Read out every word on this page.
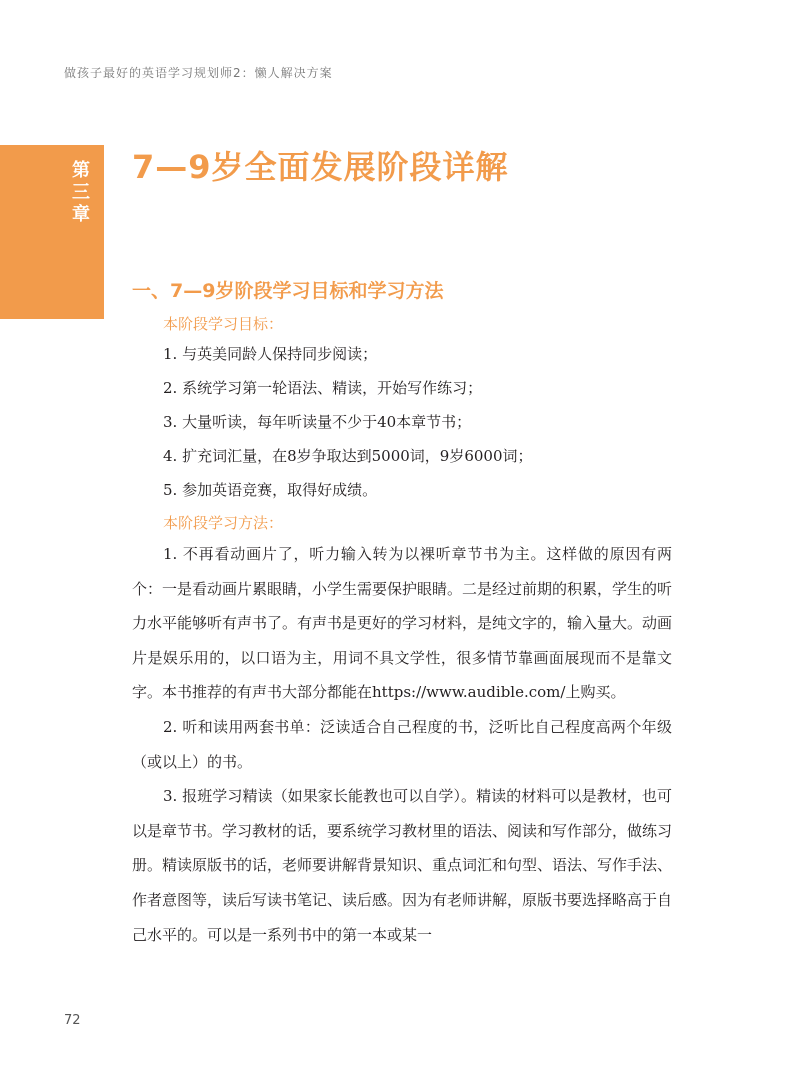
做孩子最好的英语学习规划师2：懒人解决方案
第三章 7—9岁全面发展阶段详解
一、7—9岁阶段学习目标和学习方法
本阶段学习目标：
1. 与英美同龄人保持同步阅读；
2. 系统学习第一轮语法、精读，开始写作练习；
3. 大量听读，每年听读量不少于40本章节书；
4. 扩充词汇量，在8岁争取达到5000词，9岁6000词；
5. 参加英语竞赛，取得好成绩。
本阶段学习方法：

1. 不再看动画片了，听力输入转为以裸听章节书为主。这样做的原因有两个：一是看动画片累眼睛，小学生需要保护眼睛。二是经过前期的积累，学生的听力水平能够听有声书了。有声书是更好的学习材料，是纯文字的，输入量大。动画片是娱乐用的，以口语为主，用词不具文学性，很多情节靠画面展现而不是靠文字。本书推荐的有声书大部分都能在https://www.audible.com/上购买。

2. 听和读用两套书单：泛读适合自己程度的书，泛听比自己程度高两个年级（或以上）的书。

3. 报班学习精读（如果家长能教也可以自学）。精读的材料可以是教材，也可以是章节书。学习教材的话，要系统学习教材里的语法、阅读和写作部分，做练习册。精读原版书的话，老师要讲解背景知识、重点词汇和句型、语法、写作手法、作者意图等，读后写读书笔记、读后感。因为有老师讲解，原版书要选择略高于自己水平的。可以是一系列书中的第一本或某一

72
